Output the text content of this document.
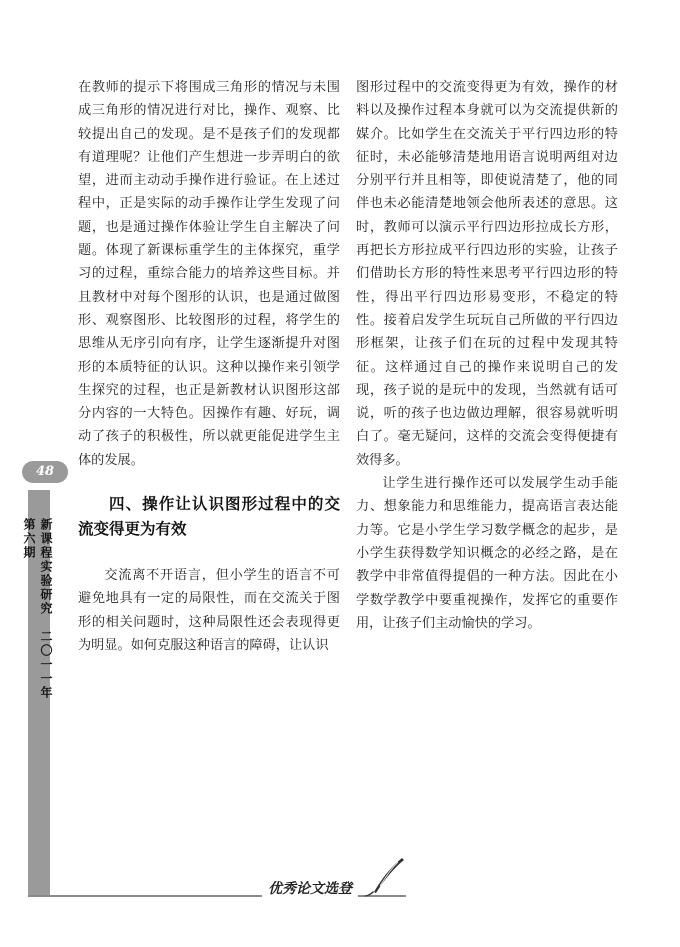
48
新课程实验研究　二〇一一年 第六期

在教师的提示下将围成三角形的情况与未围成三角形的情况进行对比，操作、观察、比较提出自己的发现。是不是孩子们的发现都有道理呢？让他们产生想进一步弄明白的欲望，进而主动动手操作进行验证。在上述过程中，正是实际的动手操作让学生发现了问题，也是通过操作体验让学生自主解决了问题。体现了新课标重学生的主体探究，重学习的过程，重综合能力的培养这些目标。并且教材中对每个图形的认识，也是通过做图形、观察图形、比较图形的过程，将学生的思维从无序引向有序，让学生逐渐提升对图形的本质特征的认识。这种以操作来引领学生探究的过程，也正是新教材认识图形这部分内容的一大特色。因操作有趣、好玩，调动了孩子的积极性，所以就更能促进学生主体的发展。

四、操作让认识图形过程中的交流变得更为有效

交流离不开语言，但小学生的语言不可避免地具有一定的局限性，而在交流关于图形的相关问题时，这种局限性还会表现得更为明显。如何克服这种语言的障碍，让认识

图形过程中的交流变得更为有效，操作的材料以及操作过程本身就可以为交流提供新的媒介。比如学生在交流关于平行四边形的特征时，未必能够清楚地用语言说明两组对边分别平行并且相等，即使说清楚了，他的同伴也未必能清楚地领会他所表述的意思。这时，教师可以演示平行四边形拉成长方形，再把长方形拉成平行四边形的实验，让孩子们借助长方形的特性来思考平行四边形的特性，得出平行四边形易变形，不稳定的特性。接着启发学生玩玩自己所做的平行四边形框架，让孩子们在玩的过程中发现其特征。这样通过自己的操作来说明自己的发现，孩子说的是玩中的发现，当然就有话可说，听的孩子也边做边理解，很容易就听明白了。毫无疑问，这样的交流会变得便捷有效得多。

让学生进行操作还可以发展学生动手能力、想象能力和思维能力，提高语言表达能力等。它是小学生学习数学概念的起步，是小学生获得数学知识概念的必经之路，是在教学中非常值得提倡的一种方法。因此在小学数学教学中要重视操作，发挥它的重要作用，让孩子们主动愉快的学习。

优秀论文选登
